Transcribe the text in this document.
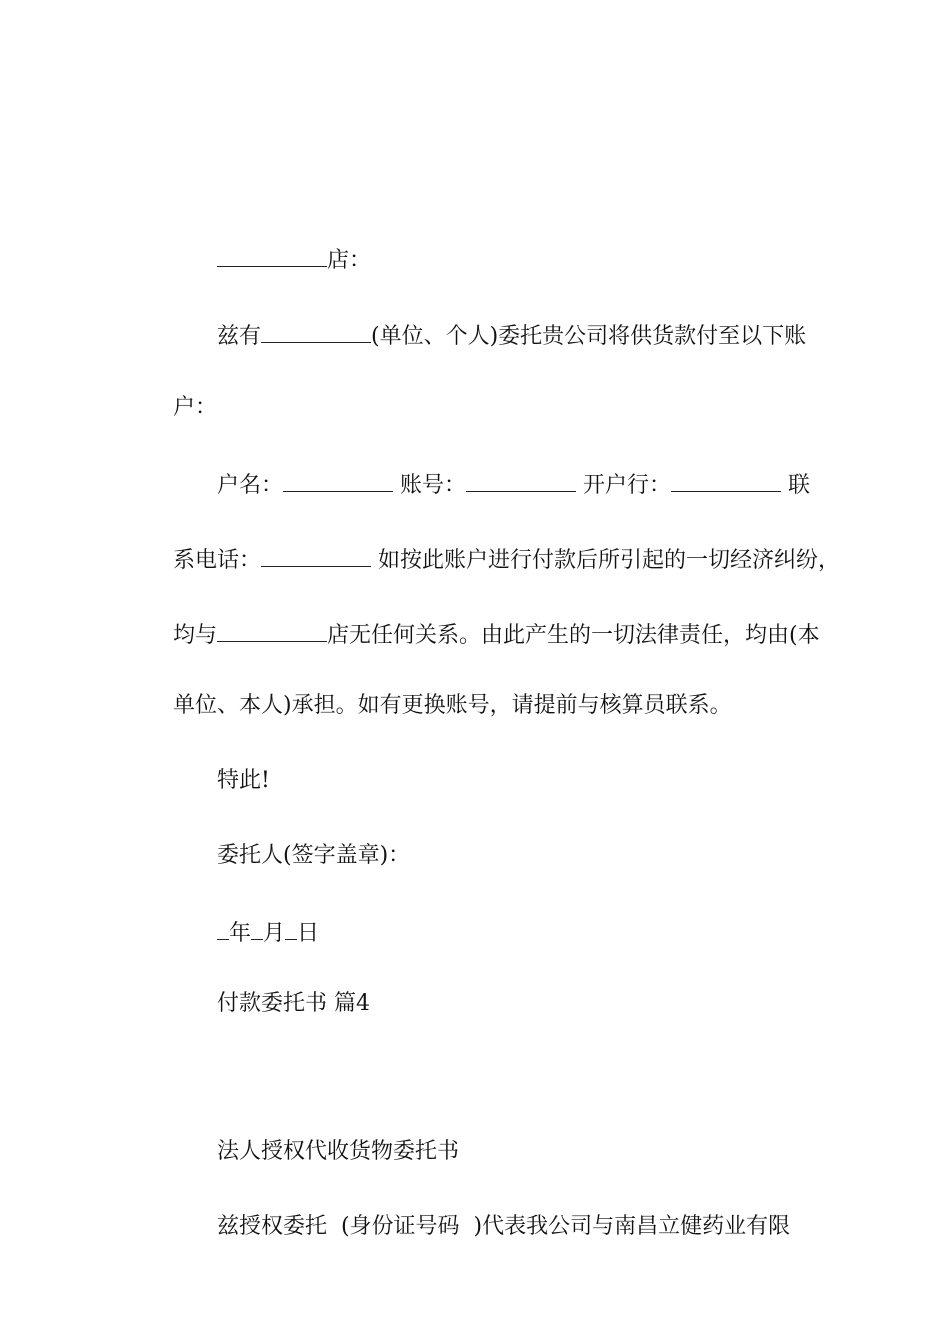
店：

兹有	(单位、个人)委托贵公司将供货款付至以下账

户：

户名：	账号：	开户行：	联

系电话：	如按此账户进行付款后所引起的一切经济纠纷，

均与	店无任何关系。由此产生的一切法律责任，均由(本

单位、本人)承担。如有更换账号，请提前与核算员联系。

特此!

委托人(签字盖章)：

年 月 日

付款委托书 篇4

法人授权代收货物委托书

兹授权委托  (身份证号码  )代表我公司与南昌立健药业有限
